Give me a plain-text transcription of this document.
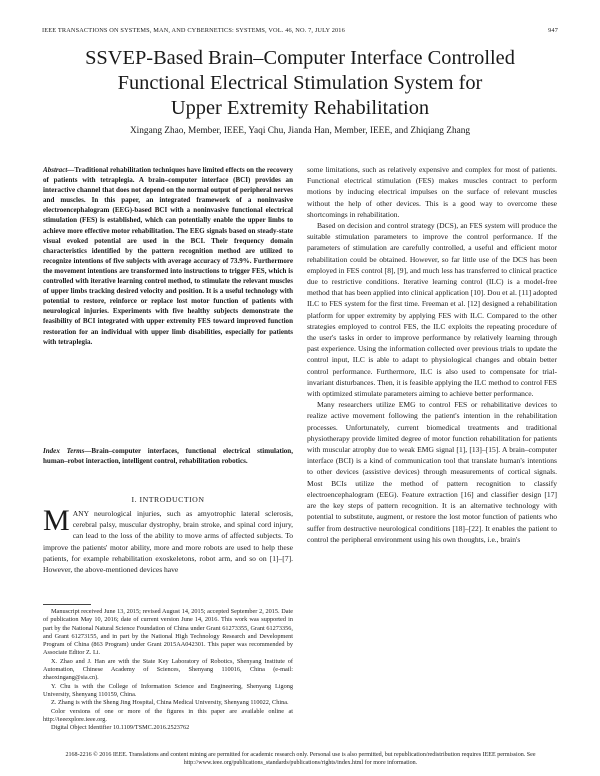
IEEE TRANSACTIONS ON SYSTEMS, MAN, AND CYBERNETICS: SYSTEMS, VOL. 46, NO. 7, JULY 2016	947
SSVEP-Based Brain–Computer Interface Controlled
Functional Electrical Stimulation System for
Upper Extremity Rehabilitation
Xingang Zhao, Member, IEEE, Yaqi Chu, Jianda Han, Member, IEEE, and Zhiqiang Zhang
Abstract—Traditional rehabilitation techniques have limited effects on the recovery of patients with tetraplegia. A brain–computer interface (BCI) provides an interactive channel that does not depend on the normal output of peripheral nerves and muscles. In this paper, an integrated framework of a noninvasive electroencephalogram (EEG)-based BCI with a noninvasive functional electrical stimulation (FES) is established, which can potentially enable the upper limbs to achieve more effective motor rehabilitation. The EEG signals based on steady-state visual evoked potential are used in the BCI. Their frequency domain characteristics identified by the pattern recognition method are utilized to recognize intentions of five subjects with average accuracy of 73.9%. Furthermore the movement intentions are transformed into instructions to trigger FES, which is controlled with iterative learning control method, to stimulate the relevant muscles of upper limbs tracking desired velocity and position. It is a useful technology with potential to restore, reinforce or replace lost motor function of patients with neurological injuries. Experiments with five healthy subjects demonstrate the feasibility of BCI integrated with upper extremity FES toward improved function restoration for an individual with upper limb disabilities, especially for patients with tetraplegia.
Index Terms—Brain–computer interfaces, functional electrical stimulation, human–robot interaction, intelligent control, rehabilitation robotics.
I. INTRODUCTION
MANY neurological injuries, such as amyotrophic lateral sclerosis, cerebral palsy, muscular dystrophy, brain stroke, and spinal cord injury, can lead to the loss of the ability to move arms of affected subjects. To improve the patients' motor ability, more and more robots are used to help these patients, for example rehabilitation exoskeletons, robot arm, and so on [1]–[7]. However, the above-mentioned devices have

Manuscript received June 13, 2015; revised August 14, 2015; accepted September 2, 2015. Date of publication May 10, 2016; date of current version June 14, 2016. This work was supported in part by the National Natural Science Foundation of China under Grant 61273355, Grant 61273356, and Grant 61273155, and in part by the National High Technology Research and Development Program of China (863 Program) under Grant 2015AA042301. This paper was recommended by Associate Editor Z. Li.

X. Zhao and J. Han are with the State Key Laboratory of Robotics, Shenyang Institute of Automation, Chinese Academy of Sciences, Shenyang 110016, China (e-mail: zhaoxingang@sia.cn).

Y. Chu is with the College of Information Science and Engineering, Shenyang Ligong University, Shenyang 110159, China.

Z. Zhang is with the Sheng Jing Hospital, China Medical University, Shenyang 110022, China.

Color versions of one or more of the figures in this paper are available online at http://ieeexplore.ieee.org.

Digital Object Identifier 10.1109/TSMC.2016.2523762

some limitations, such as relatively expensive and complex for most of patients. Functional electrical stimulation (FES) makes muscles contract to perform motions by inducing electrical impulses on the surface of relevant muscles without the help of other devices. This is a good way to overcome these shortcomings in rehabilitation.

Based on decision and control strategy (DCS), an FES system will produce the suitable stimulation parameters to improve the control performance. If the parameters of stimulation are carefully controlled, a useful and efficient motor rehabilitation could be obtained. However, so far little use of the DCS has been employed in FES control [8], [9], and much less has transferred to clinical practice due to restrictive conditions. Iterative learning control (ILC) is a model-free method that has been applied into clinical application [10]. Dou et al. [11] adopted ILC to FES system for the first time. Freeman et al. [12] designed a rehabilitation platform for upper extremity by applying FES with ILC. Compared to the other strategies employed to control FES, the ILC exploits the repeating procedure of the user's tasks in order to improve performance by relatively learning through past experience. Using the information collected over previous trials to update the control input, ILC is able to adapt to physiological changes and obtain better control performance. Furthermore, ILC is also used to compensate for trial-invariant disturbances. Then, it is feasible applying the ILC method to control FES with optimized stimulate parameters aiming to achieve better performance.

Many researchers utilize EMG to control FES or rehabilitative devices to realize active movement following the patient's intention in the rehabilitation processes. Unfortunately, current biomedical treatments and traditional physiotherapy provide limited degree of motor function rehabilitation for patients with muscular atrophy due to weak EMG signal [1], [13]–[15]. A brain–computer interface (BCI) is a kind of communication tool that translate human's intentions to other devices (assistive devices) through measurements of cortical signals. Most BCIs utilize the method of pattern recognition to classify electroencephalogram (EEG). Feature extraction [16] and classifier design [17] are the key steps of pattern recognition. It is an alternative technology with potential to substitute, augment, or restore the lost motor function of patients who suffer from destructive neurological conditions [18]–[22]. It enables the patient to control the peripheral environment using his own thoughts, i.e., brain's

2168-2216 © 2016 IEEE. Translations and content mining are permitted for academic research only. Personal use is also permitted, but republication/redistribution requires IEEE permission. See http://www.ieee.org/publications_standards/publications/rights/index.html for more information.
